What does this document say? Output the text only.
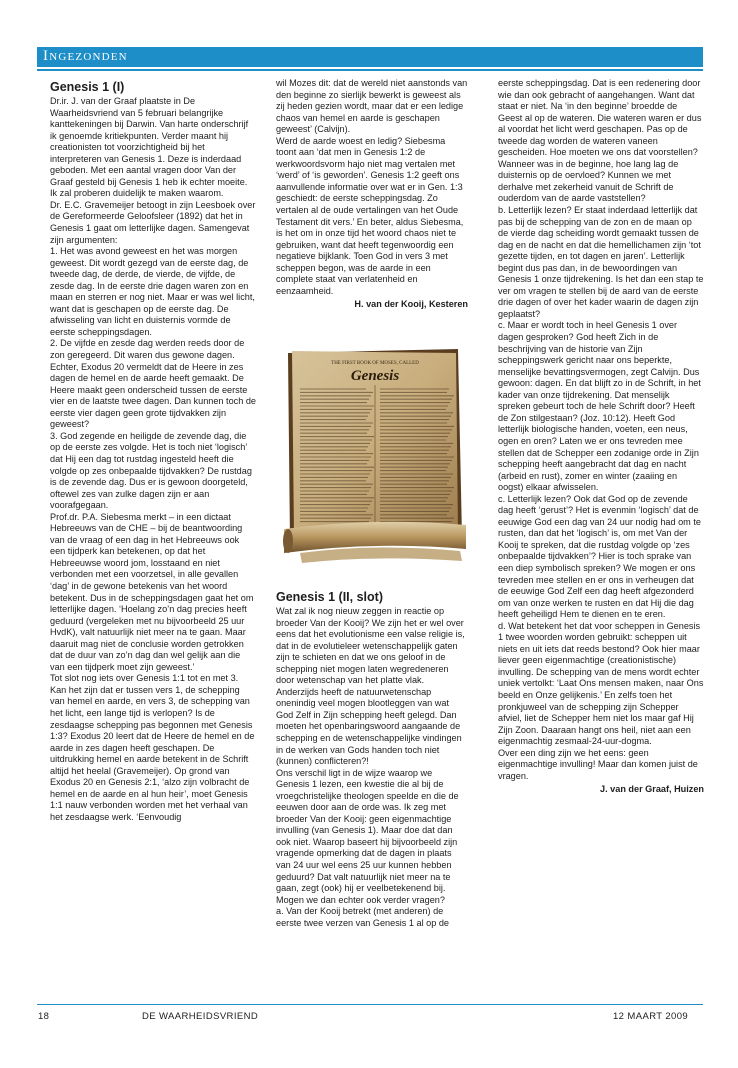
Ingezonden

Genesis 1 (I)

Dr.ir. J. van der Graaf plaatste in De Waarheidsvriend van 5 februari belangrijke kanttekeningen bij Darwin. Van harte onderschrijf ik genoemde kritiekpunten. Verder maant hij creationisten tot voorzichtigheid bij het interpreteren van Genesis 1. Deze is inderdaad geboden. Met een aantal vragen door Van der Graaf gesteld bij Genesis 1 heb ik echter moeite. Ik zal proberen duidelijk te maken waarom.

Dr. E.C. Gravemeijer betoogt in zijn Leesboek over de Gereformeerde Geloofsleer (1892) dat het in Genesis 1 gaat om letterlijke dagen. Samengevat zijn argumenten:

1. Het was avond geweest en het was morgen geweest. Dit wordt gezegd van de eerste dag, de tweede dag, de derde, de vierde, de vijfde, de zesde dag. In de eerste drie dagen waren zon en maan en sterren er nog niet. Maar er was wel licht, want dat is geschapen op de eerste dag. De afwisseling van licht en duisternis vormde de eerste scheppingsdagen.

2. De vijfde en zesde dag werden reeds door de zon geregeerd. Dit waren dus gewone dagen. Echter, Exodus 20 vermeldt dat de Heere in zes dagen de hemel en de aarde heeft gemaakt. De Heere maakt geen onderscheid tussen de eerste vier en de laatste twee dagen. Dan kunnen toch de eerste vier dagen geen grote tijdvakken zijn geweest?

3. God zegende en heiligde de zevende dag, die op de eerste zes volgde. Het is toch niet ‘logisch’ dat Hij een dag tot rustdag ingesteld heeft die volgde op zes onbepaalde tijdvakken? De rustdag is de zevende dag. Dus er is gewoon doorgeteld, oftewel zes van zulke dagen zijn er aan voorafgegaan.

Prof.dr. P.A. Siebesma merkt – in een dictaat Hebreeuws van de CHE – bij de beantwoording van de vraag of een dag in het Hebreeuws ook een tijdperk kan betekenen, op dat het Hebreeuwse woord jom, losstaand en niet verbonden met een voorzetsel, in alle gevallen ‘dag’ in de gewone betekenis van het woord betekent. Dus in de scheppingsdagen gaat het om letterlijke dagen. ‘Hoelang zo’n dag precies heeft geduurd (vergeleken met nu bijvoorbeeld 25 uur HvdK), valt natuurlijk niet meer na te gaan. Maar daaruit mag niet de conclusie worden getrokken dat de duur van zo’n dag dan wel gelijk aan die van een tijdperk moet zijn geweest.’

Tot slot nog iets over Genesis 1:1 tot en met 3. Kan het zijn dat er tussen vers 1, de schepping van hemel en aarde, en vers 3, de schepping van het licht, een lange tijd is verlopen? Is de zesdaagse schepping pas begonnen met Genesis 1:3? Exodus 20 leert dat de Heere de hemel en de aarde in zes dagen heeft geschapen. De uitdrukking hemel en aarde betekent in de Schrift altijd het heelal (Gravemeijer). Op grond van Exodus 20 en Genesis 2:1, ‘alzo zijn volbracht de hemel en de aarde en al hun heir’, moet Genesis 1:1 nauw verbonden worden met het verhaal van het zesdaagse werk. ‘Eenvoudig

wil Mozes dit: dat de wereld niet aanstonds van den beginne zo sierlijk bewerkt is geweest als zij heden gezien wordt, maar dat er een ledige chaos van hemel en aarde is geschapen geweest’ (Calvijn).

Werd de aarde woest en ledig? Siebesma toont aan ‘dat men in Genesis 1:2 de werkwoordsvorm hajo niet mag vertalen met ‘werd’ of ‘is geworden’. Genesis 1:2 geeft ons aanvullende informatie over wat er in Gen. 1:3 geschiedt: de eerste scheppingsdag. Zo vertalen al de oude vertalingen van het Oude Testament dit vers.’ En beter, aldus Siebesma, is het om in onze tijd het woord chaos niet te gebruiken, want dat heeft tegenwoordig een negatieve bijklank. Toen God in vers 3 met scheppen begon, was de aarde in een complete staat van verlatenheid en eenzaamheid.

H. van der Kooij, Kesteren

THE FIRST BOOK OF MOSES, CALLED
Genesis

Genesis 1 (II, slot)

Wat zal ik nog nieuw zeggen in reactie op broeder Van der Kooij? We zijn het er wel over eens dat het evolutionisme een valse religie is, dat in de evolutieleer wetenschappelijk gaten zijn te schieten en dat we ons geloof in de schepping niet mogen laten wegredeneren door wetenschap van het platte vlak. Anderzijds heeft de natuurwetenschap onenindig veel mogen blootleggen van wat God Zelf in Zijn schepping heeft gelegd. Dan moeten het openbaringswoord aangaande de schepping en de wetenschappelijke vindingen in de werken van Gods handen toch niet (kunnen) conflicteren?!

Ons verschil ligt in de wijze waarop we Genesis 1 lezen, een kwestie die al bij de vroegchristelijke theologen speelde en die de eeuwen door aan de orde was. Ik zeg met broeder Van der Kooij: geen eigenmachtige invulling (van Genesis 1). Maar doe dat dan ook niet. Waarop baseert hij bijvoorbeeld zijn vragende opmerking dat de dagen in plaats van 24 uur wel eens 25 uur kunnen hebben geduurd? Dat valt natuurlijk niet meer na te gaan, zegt (ook) hij er veelbetekenend bij. Mogen we dan echter ook verder vragen?

a. Van der Kooij betrekt (met anderen) de eerste twee verzen van Genesis 1 al op de

eerste scheppingsdag. Dat is een redenering door wie dan ook gebracht of aangehangen. Want dat staat er niet. Na ‘in den beginne’ broedde de Geest al op de wateren. Die wateren waren er dus al voordat het licht werd geschapen. Pas op de tweede dag worden de wateren vaneen gescheiden. Hoe moeten we ons dat voorstellen? Wanneer was in de beginne, hoe lang lag de duisternis op de oervloed? Kunnen we met derhalve met zekerheid vanuit de Schrift de ouderdom van de aarde vaststellen?

b. Letterlijk lezen? Er staat inderdaad letterlijk dat pas bij de schepping van de zon en de maan op de vierde dag scheiding wordt gemaakt tussen de dag en de nacht en dat die hemellichamen zijn ‘tot gezette tijden, en tot dagen en jaren’. Letterlijk begint dus pas dan, in de bewoordingen van Genesis 1 onze tijdrekening. Is het dan een stap te ver om vragen te stellen bij de aard van de eerste drie dagen of over het kader waarin de dagen zijn geplaatst?

c. Maar er wordt toch in heel Genesis 1 over dagen gesproken? God heeft Zich in de beschrijving van de historie van Zijn scheppingswerk gericht naar ons beperkte, menselijke bevattingsvermogen, zegt Calvijn. Dus gewoon: dagen. En dat blijft zo in de Schrift, in het kader van onze tijdrekening. Dat menselijk spreken gebeurt toch de hele Schrift door? Heeft de Zon stilgestaan? (Joz. 10:12). Heeft God letterlijk biologische handen, voeten, een neus, ogen en oren? Laten we er ons tevreden mee stellen dat de Schepper een zodanige orde in Zijn schepping heeft aangebracht dat dag en nacht (arbeid en rust), zomer en winter (zaaiing en oogst) elkaar afwisselen.

c. Letterlijk lezen? Ook dat God op de zevende dag heeft ‘gerust’? Het is evenmin ‘logisch’ dat de eeuwige God een dag van 24 uur nodig had om te rusten, dan dat het ‘logisch’ is, om met Van der Kooij te spreken, dat die rustdag volgde op ‘zes onbepaalde tijdvakken’? Hier is toch sprake van een diep symbolisch spreken? We mogen er ons tevreden mee stellen en er ons in verheugen dat de eeuwige God Zelf een dag heeft afgezonderd om van onze werken te rusten en dat Hij die dag heeft geheiligd Hem te dienen en te eren.

d. Wat betekent het dat voor scheppen in Genesis 1 twee woorden worden gebruikt: scheppen uit niets en uit iets dat reeds bestond? Ook hier maar liever geen eigenmachtige (creationistische) invulling. De schepping van de mens wordt echter uniek vertolkt: ‘Laat Ons mensen maken, naar Ons beeld en Onze gelijkenis.’ En zelfs toen het pronkjuweel van de schepping zijn Schepper afviel, liet de Schepper hem niet los maar gaf Hij Zijn Zoon. Daaraan hangt ons heil, niet aan een eigenmachtig zesmaal-24-uur-dogma.

Over een ding zijn we het eens: geen eigenmachtige invulling! Maar dan komen juist de vragen.

J. van der Graaf, Huizen

18	DE WAARHEIDSVRIEND	12 MAART 2009
